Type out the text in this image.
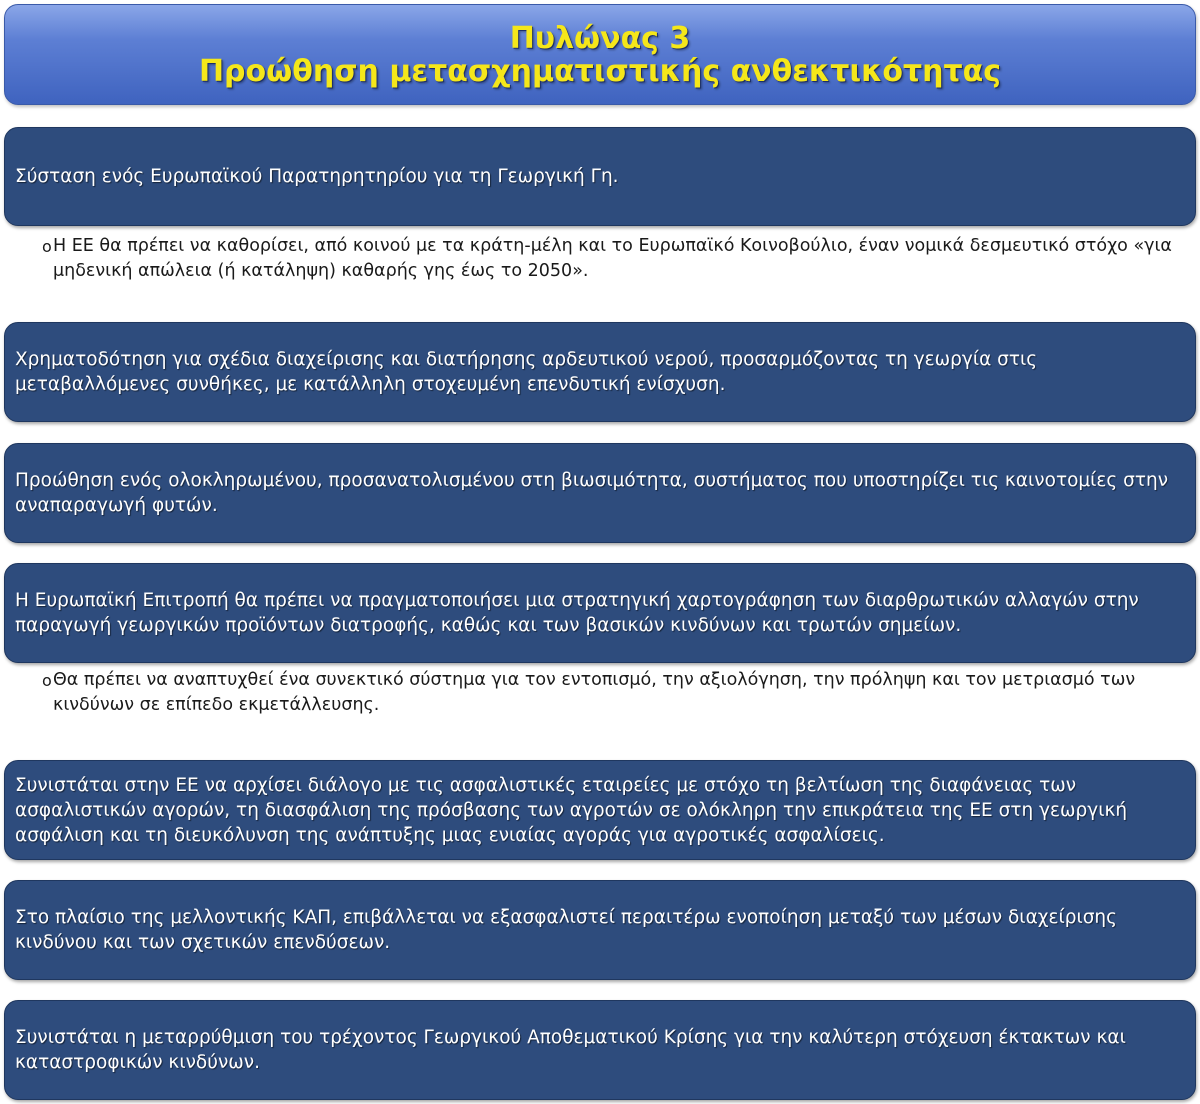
Πυλώνας 3
Προώθηση μετασχηματιστικής ανθεκτικότητας
Σύσταση ενός Ευρωπαϊκού Παρατηρητηρίου για τη Γεωργική Γη.
o Η ΕΕ θα πρέπει να καθορίσει, από κοινού με τα κράτη-μέλη και το Ευρωπαϊκό Κοινοβούλιο, έναν νομικά δεσμευτικό στόχο «για μηδενική απώλεια (ή κατάληψη) καθαρής γης έως το 2050».
Χρηματοδότηση για σχέδια διαχείρισης και διατήρησης αρδευτικού νερού, προσαρμόζοντας τη γεωργία στις μεταβαλλόμενες συνθήκες, με κατάλληλη στοχευμένη επενδυτική ενίσχυση.
Προώθηση ενός ολοκληρωμένου, προσανατολισμένου στη βιωσιμότητα, συστήματος που υποστηρίζει τις καινοτομίες στην αναπαραγωγή φυτών.
Η Ευρωπαϊκή Επιτροπή θα πρέπει να πραγματοποιήσει μια στρατηγική χαρτογράφηση των διαρθρωτικών αλλαγών στην παραγωγή γεωργικών προϊόντων διατροφής, καθώς και των βασικών κινδύνων και τρωτών σημείων.
o Θα πρέπει να αναπτυχθεί ένα συνεκτικό σύστημα για τον εντοπισμό, την αξιολόγηση, την πρόληψη και τον μετριασμό των κινδύνων σε επίπεδο εκμετάλλευσης.
Συνιστάται στην ΕΕ να αρχίσει διάλογο με τις ασφαλιστικές εταιρείες με στόχο τη βελτίωση της διαφάνειας των ασφαλιστικών αγορών, τη διασφάλιση της πρόσβασης των αγροτών σε ολόκληρη την επικράτεια της ΕΕ στη γεωργική ασφάλιση και τη διευκόλυνση της ανάπτυξης μιας ενιαίας αγοράς για αγροτικές ασφαλίσεις.
Στο πλαίσιο της μελλοντικής ΚΑΠ, επιβάλλεται να εξασφαλιστεί περαιτέρω ενοποίηση μεταξύ των μέσων διαχείρισης κινδύνου και των σχετικών επενδύσεων.
Συνιστάται η μεταρρύθμιση του τρέχοντος Γεωργικού Αποθεματικού Κρίσης για την καλύτερη στόχευση έκτακτων και καταστροφικών κινδύνων.
